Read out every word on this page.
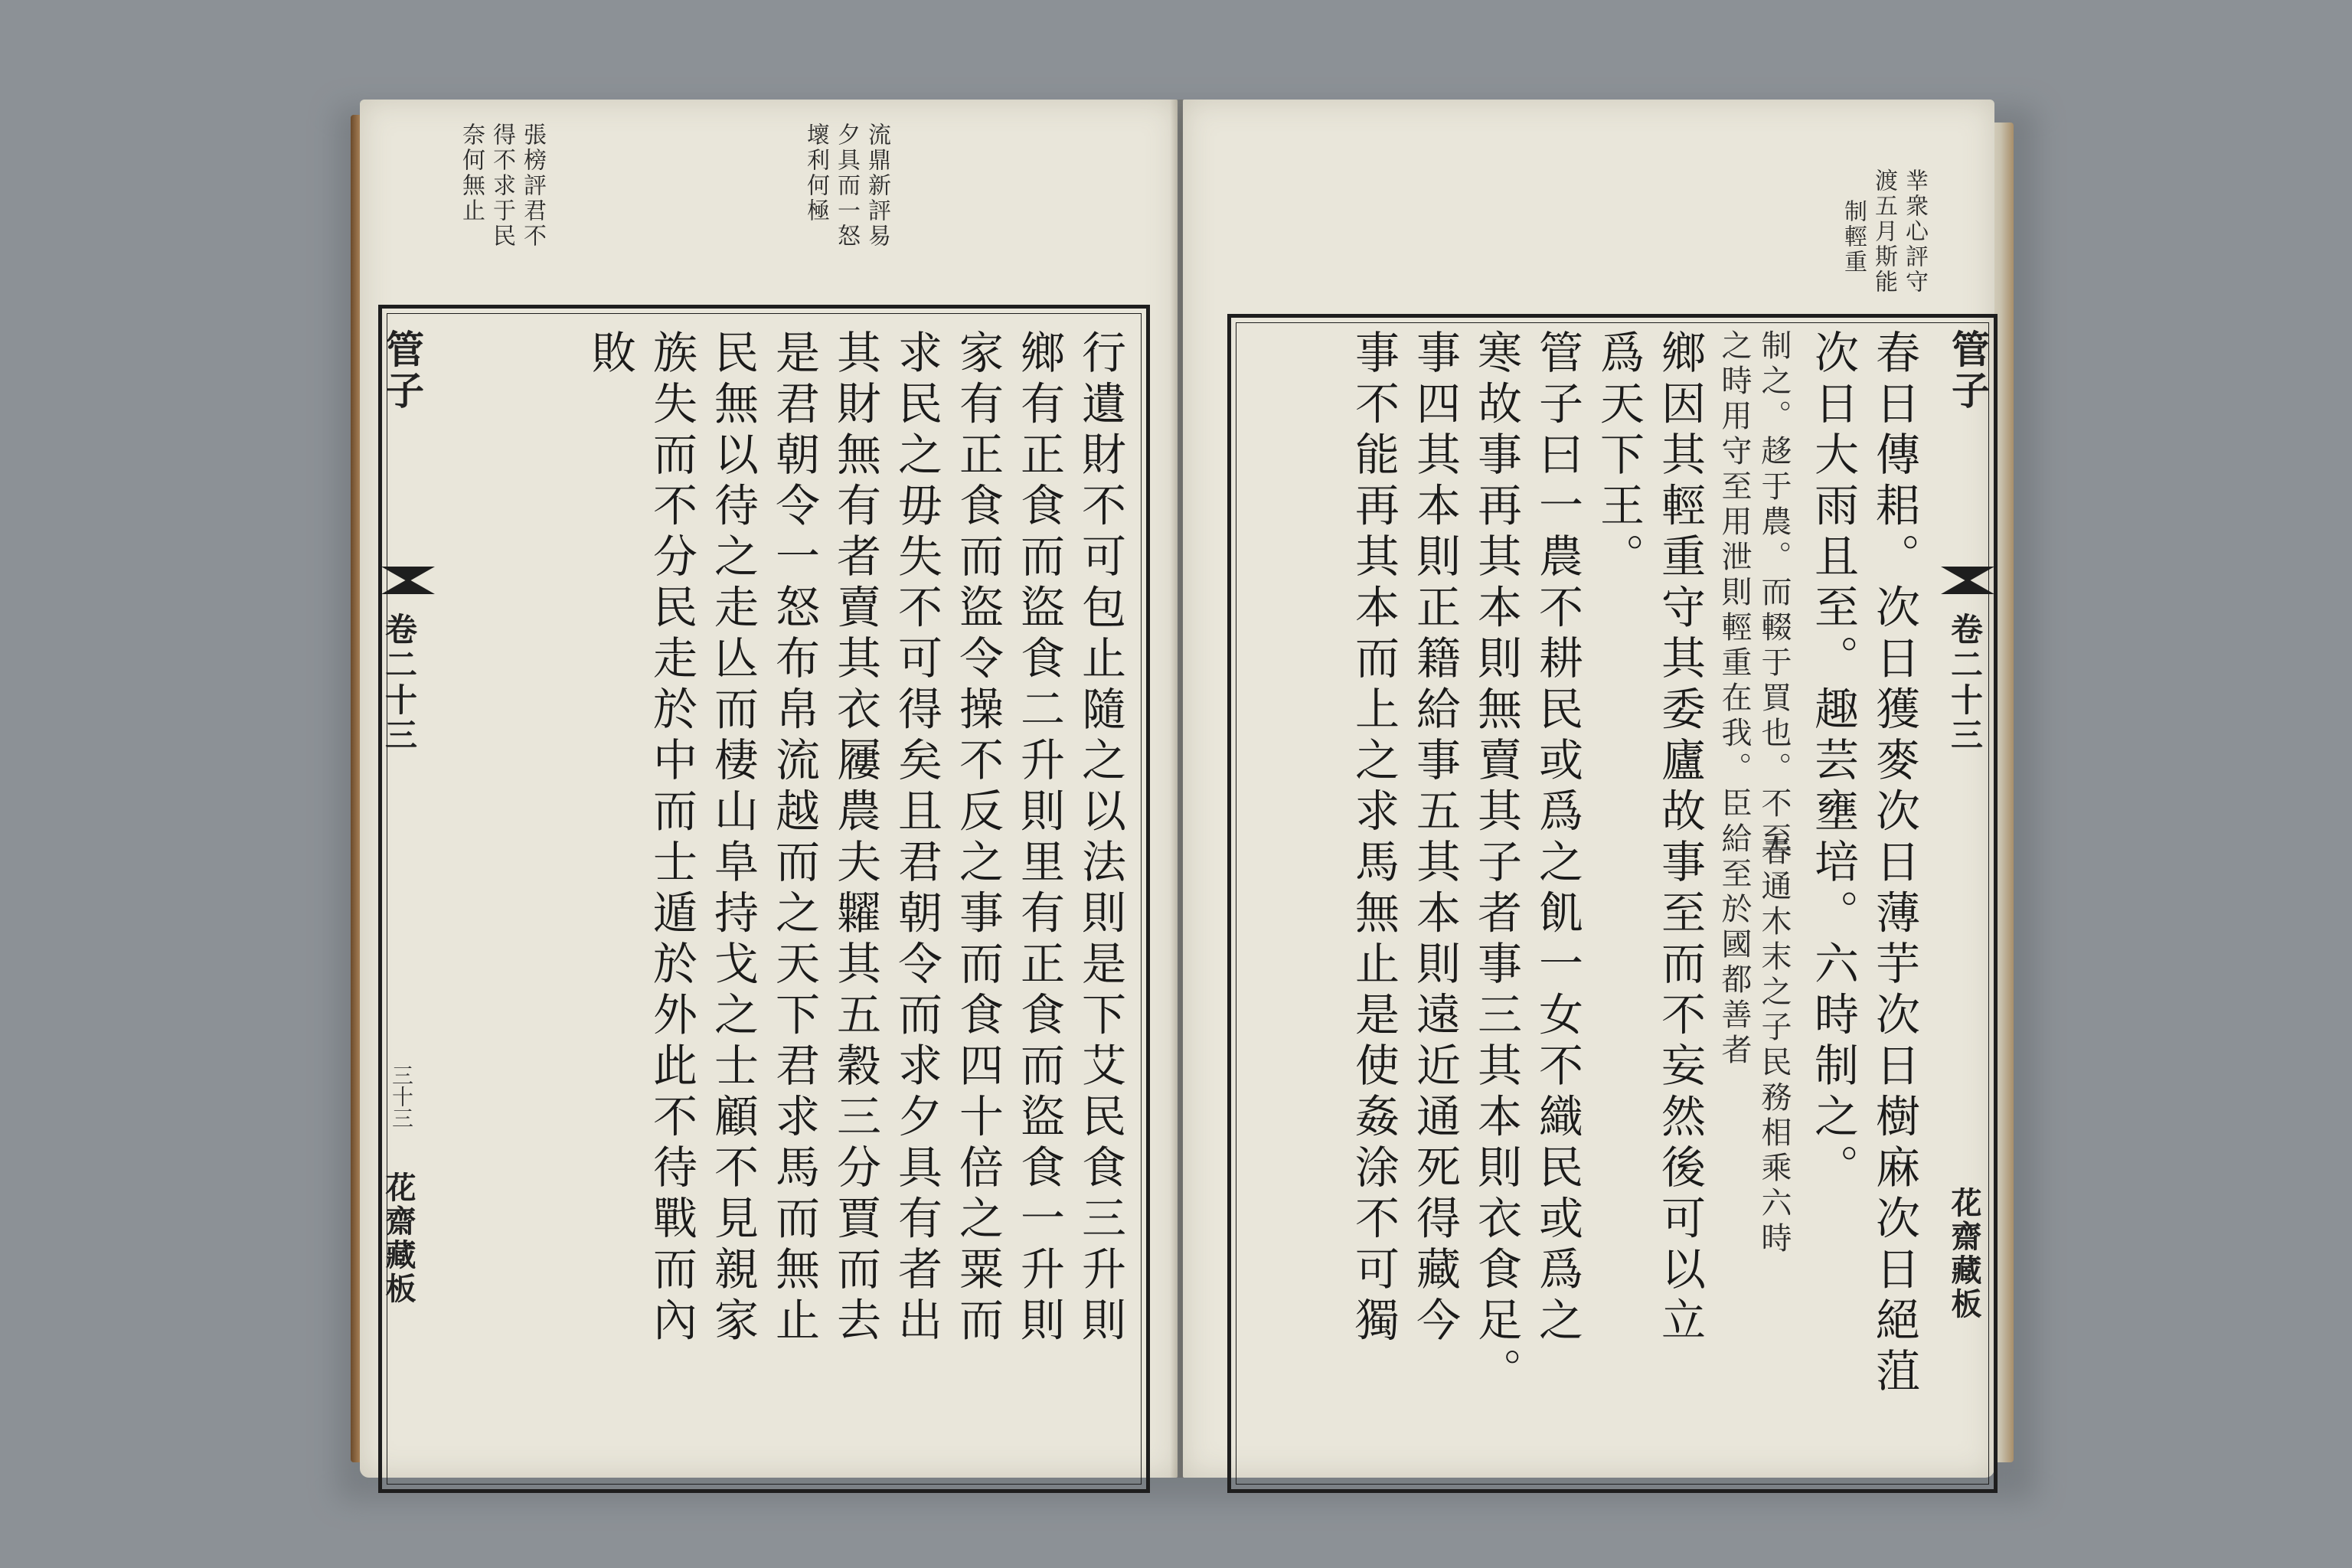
流鼎新評易
夕具而一怒
壞利何極
張榜評君不
得不求于民
奈何無止
管子
卷二十三
三十三
花齋藏板	行遺財不可包止隨之以法則是下艾民食三升則
鄉有正食而盜食二升則里有正食而盜食一升則
家有正食而盜令操不反之事而食四十倍之粟而
求民之毋失不可得矣且君朝令而求夕具有者出
其財無有者賣其衣屨農夫糶其五穀三分賈而去
是君朝令一怒布帛流越而之天下君求馬而無止
民無以待之走亾而棲山阜持戈之士顧不見親家
族失而不分民走於中而士遁於外此不待戰而內
敗
丵衆心評守
渡五月斯能
制輕重
管子
卷二十三
花齋藏板
春日傳耜。次日獲麥次日薄芋次日樹麻次日絕菹
次日大雨且至。趣芸壅培。六時制之。
制之。趍于農。而輟于買也。不至
春通木末之子民務相乘六時
之時用守至用泄則輕重在我。臣給至於國都善者
鄉因其輕重守其委廬故事至而不妄然後可以立
爲天下王。
管子曰一農不耕民或爲之飢一女不織民或爲之
寒故事再其本則無賣其子者事三其本則衣食足。
事四其本則正籍給事五其本則遠近通死得藏今
事不能再其本而上之求馬無止是使姦涂不可獨
